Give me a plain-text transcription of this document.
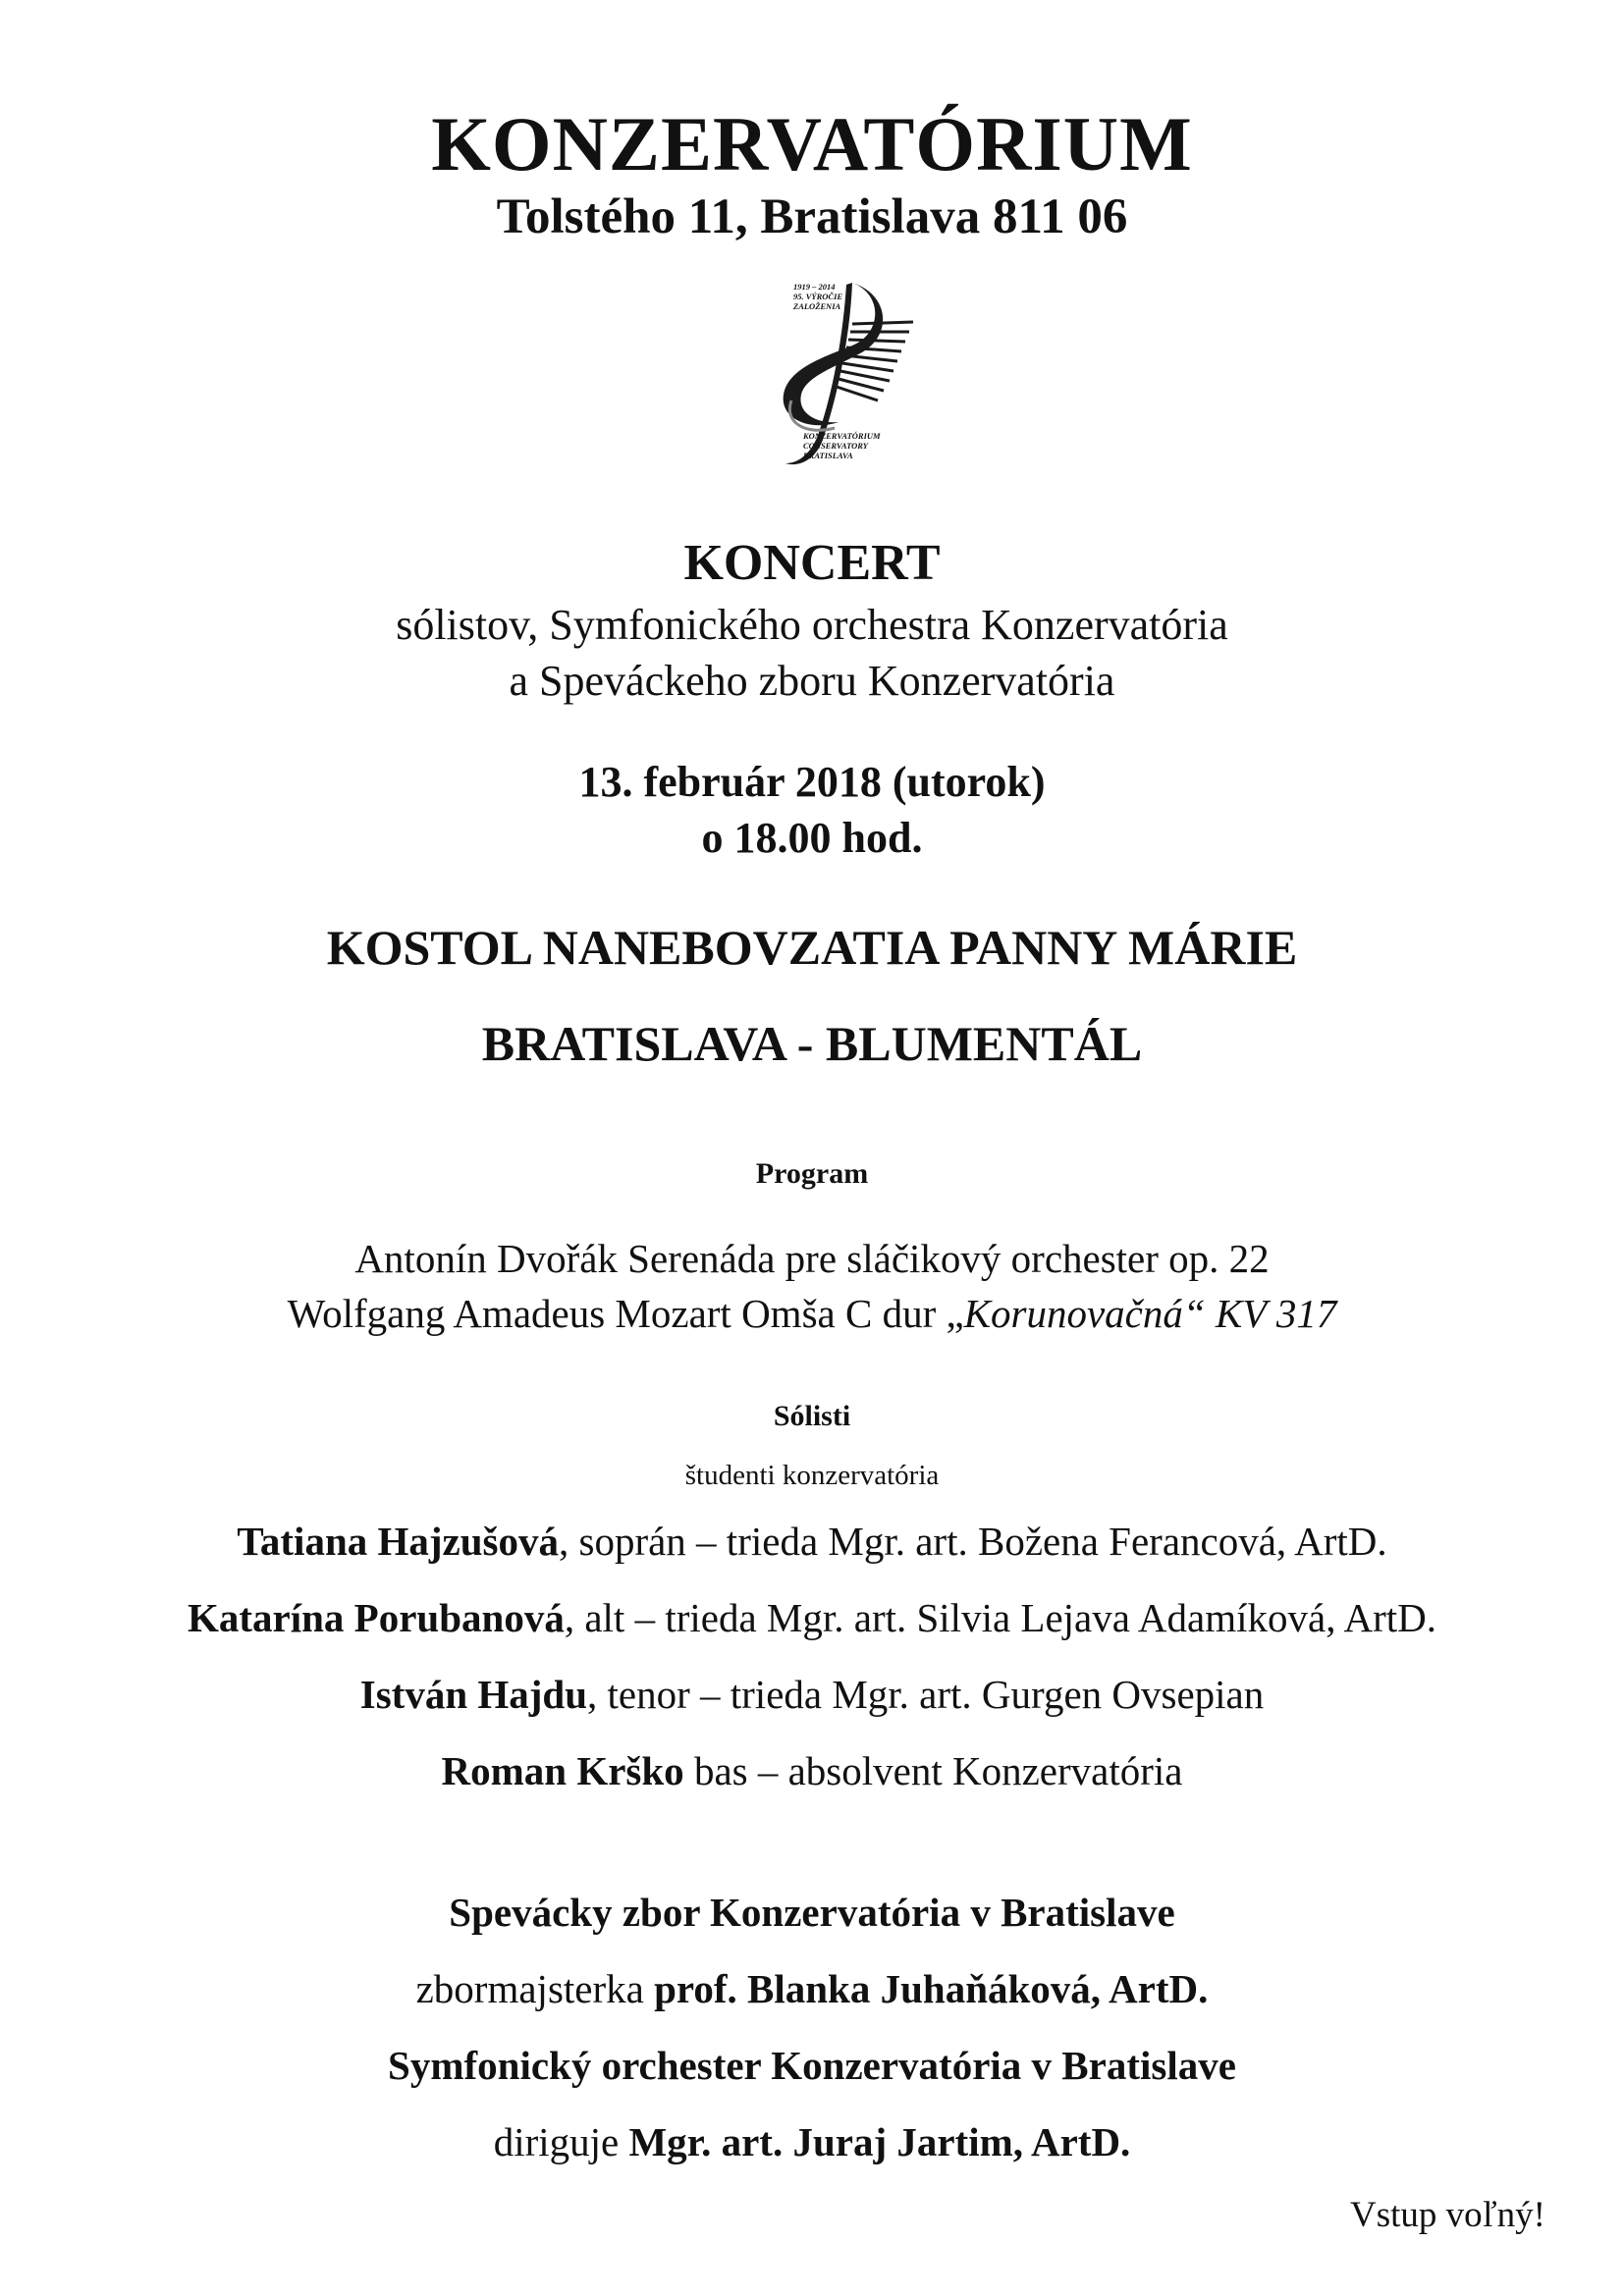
KONZERVATÓRIUM
Tolstého 11, Bratislava 811 06
1919 – 2014
95. VÝROČIE
ZALOŽENIA
KONZERVATÓRIUM
CONSERVATORY
BRATISLAVA
KONCERT
sólistov, Symfonického orchestra Konzervatória
a Speváckeho zboru Konzervatória
13. február 2018 (utorok)
o 18.00 hod.
KOSTOL NANEBOVZATIA PANNY MÁRIE
BRATISLAVA - BLUMENTÁL
Program
Antonín Dvořák Serenáda pre sláčikový orchester op. 22
Wolfgang Amadeus Mozart Omša C dur „Korunovačná“ KV 317
Sólisti
študenti konzervatória
Tatiana Hajzušová, soprán – trieda Mgr. art. Božena Ferancová, ArtD.
Katarína Porubanová, alt – trieda Mgr. art. Silvia Lejava Adamíková, ArtD.
István Hajdu, tenor – trieda Mgr. art. Gurgen Ovsepian
Roman Krško bas – absolvent Konzervatória
Spevácky zbor Konzervatória v Bratislave
zbormajsterka prof. Blanka Juhaňáková, ArtD.
Symfonický orchester Konzervatória v Bratislave
diriguje Mgr. art. Juraj Jartim, ArtD.
Vstup voľný!
